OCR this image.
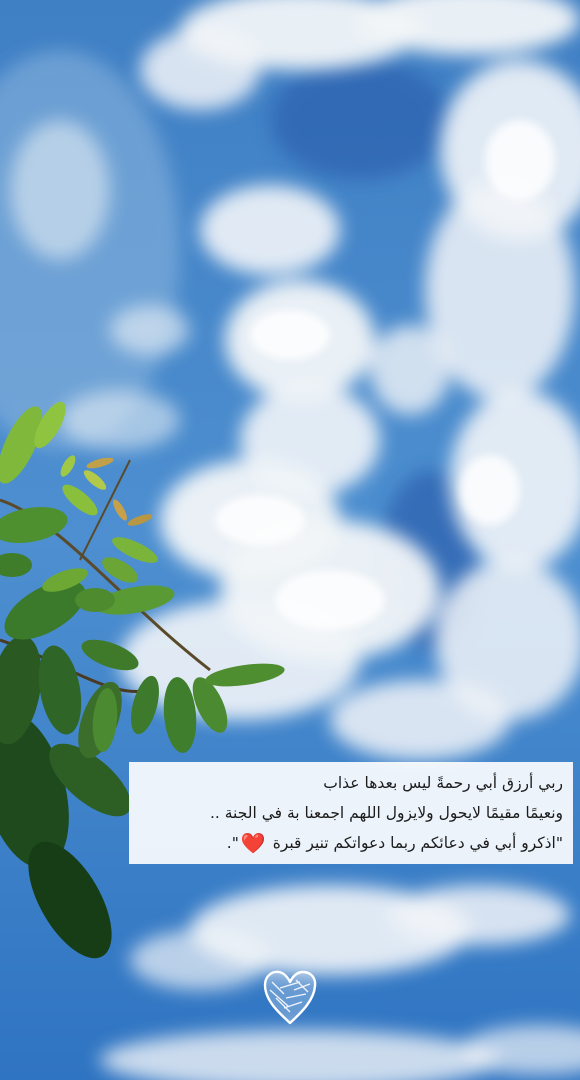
ربي أرزق أبي رحمةً ليس بعدها عذاب
ونعيمًا مقيمًا لايحول ولايزول اللهم اجمعنا بة في الجنة ..
"اذكرو أبي في دعائكم ربما دعواتكم تنير قبرة ❤️".
